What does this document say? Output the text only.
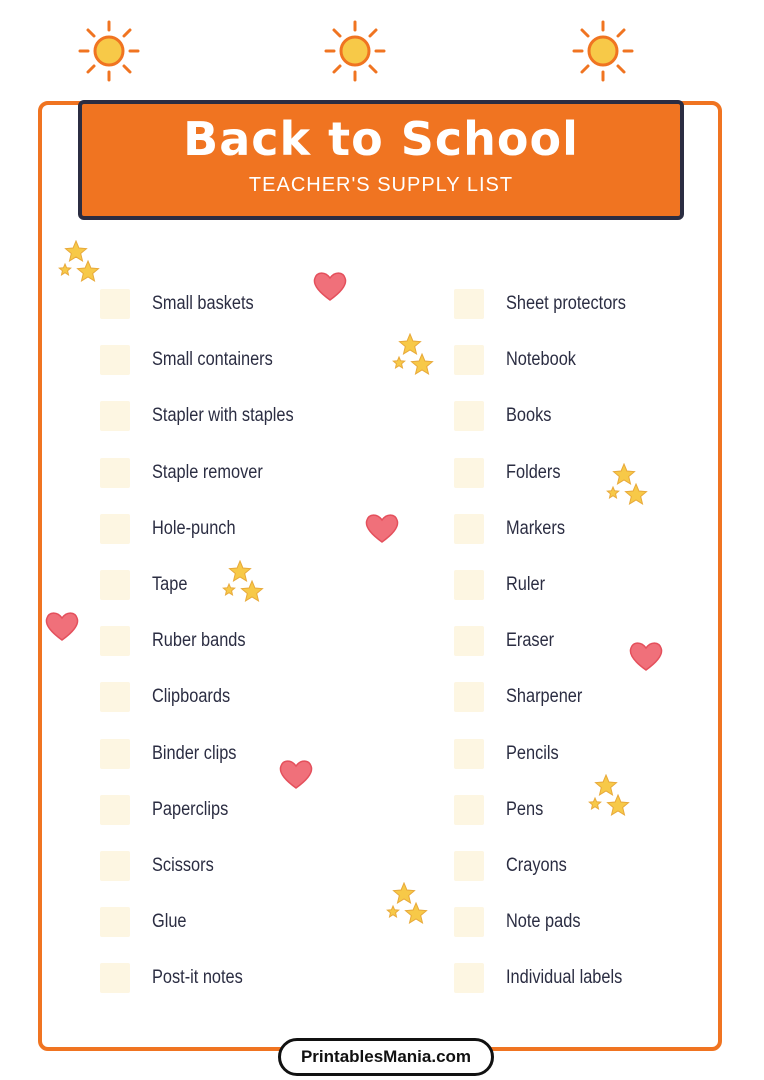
Back to School
TEACHER'S SUPPLY LIST
Small baskets
Small containers
Stapler with staples
Staple remover
Hole-punch
Tape
Ruber bands
Clipboards
Binder clips
Paperclips
Scissors
Glue
Post-it notes
Sheet protectors
Notebook
Books
Folders
Markers
Ruler
Eraser
Sharpener
Pencils
Pens
Crayons
Note pads
Individual labels
PrintablesMania.com
